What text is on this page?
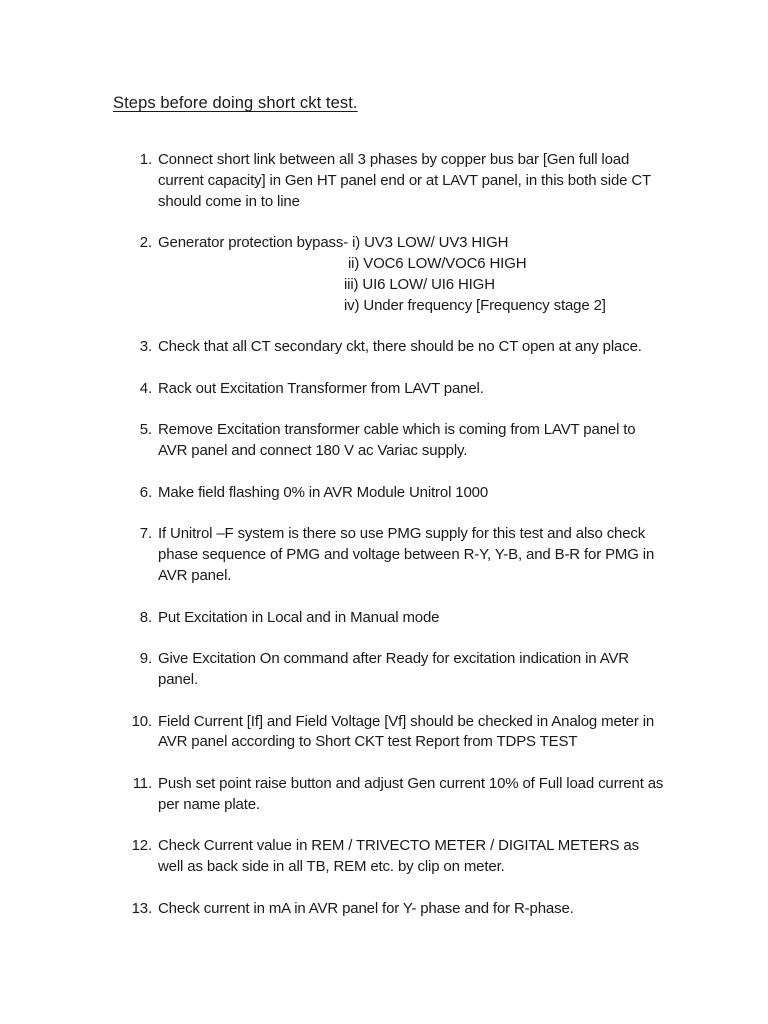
Steps before doing short ckt test.
1. Connect short link between all 3 phases by copper bus bar [Gen full load
current capacity] in Gen HT panel end or at LAVT panel, in this both side CT
should come in to line
2. Generator protection bypass- i) UV3 LOW/ UV3 HIGH
ii) VOC6 LOW/VOC6 HIGH
iii) UI6 LOW/ UI6 HIGH
iv) Under frequency [Frequency stage 2]
3. Check that all CT secondary ckt, there should be no CT open at any place.
4. Rack out Excitation Transformer from LAVT panel.
5. Remove Excitation transformer cable which is coming from LAVT panel to
AVR panel and connect 180 V ac Variac supply.
6. Make field flashing 0% in AVR Module Unitrol 1000
7. If Unitrol –F system is there so use PMG supply for this test and also check
phase sequence of PMG and voltage between R-Y, Y-B, and B-R for PMG in
AVR panel.
8. Put Excitation in Local and in Manual mode
9. Give Excitation On command after Ready for excitation indication in AVR
panel.
10. Field Current [If] and Field Voltage [Vf] should be checked in Analog meter in
AVR panel according to Short CKT test Report from TDPS TEST
11. Push set point raise button and adjust Gen current 10% of Full load current as
per name plate.
12. Check Current value in REM / TRIVECTO METER / DIGITAL METERS as
well as back side in all TB, REM etc. by clip on meter.
13. Check current in mA in AVR panel for Y- phase and for R-phase.
